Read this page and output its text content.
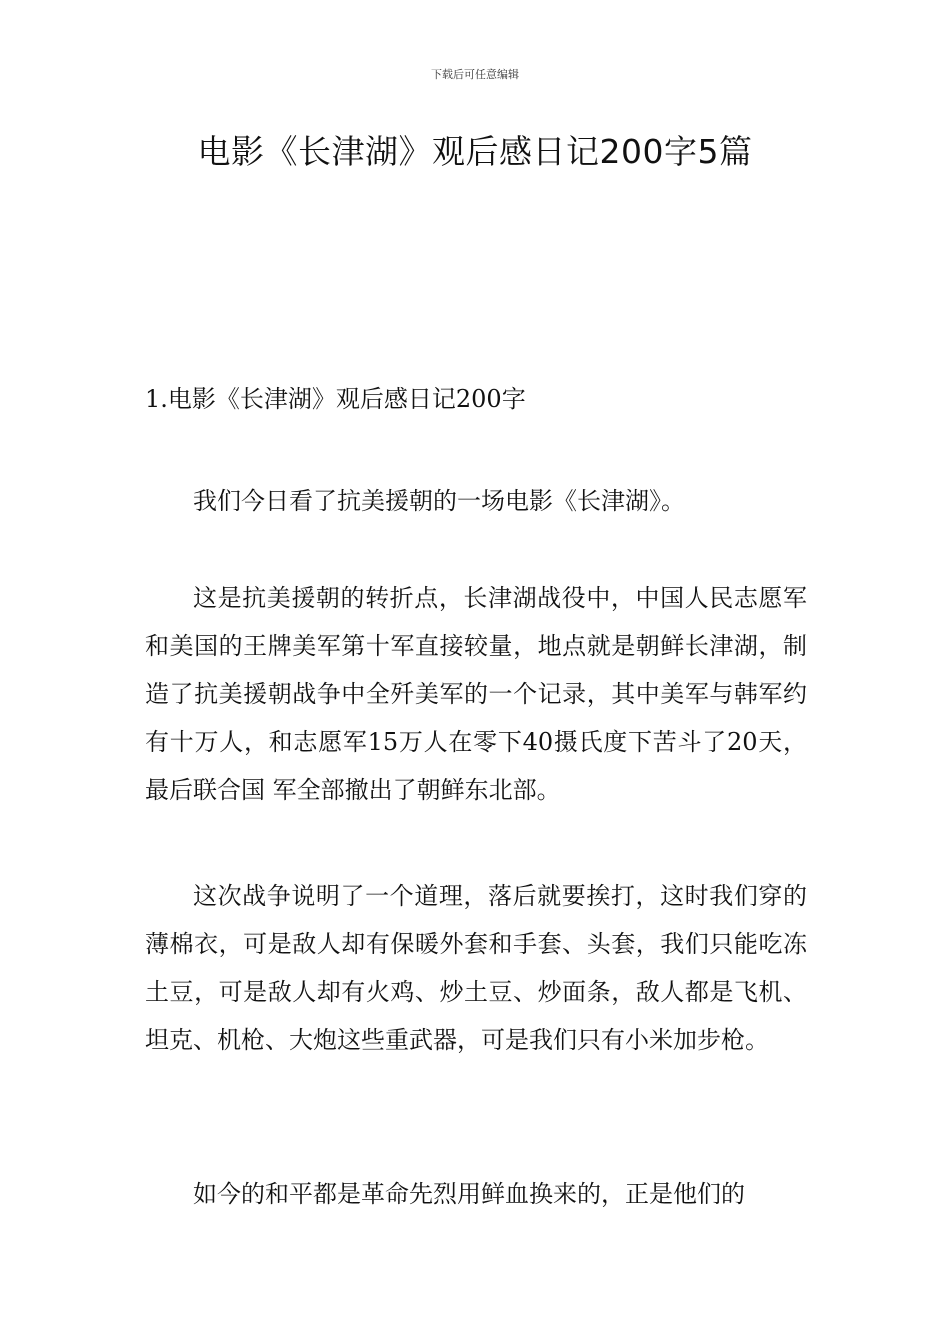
下载后可任意编辑
电影《长津湖》观后感日记200字5篇
1.电影《长津湖》观后感日记200字

我们今日看了抗美援朝的一场电影《长津湖》。

这是抗美援朝的转折点，长津湖战役中，中国人民志愿军和美国的王牌美军第十军直接较量，地点就是朝鲜长津湖，制造了抗美援朝战争中全歼美军的一个记录，其中美军与韩军约有十万人，和志愿军15万人在零下40摄氏度下苦斗了20天，最后联合国 军全部撤出了朝鲜东北部。

这次战争说明了一个道理，落后就要挨打，这时我们穿的薄棉衣，可是敌人却有保暖外套和手套、头套，我们只能吃冻土豆，可是敌人却有火鸡、炒土豆、炒面条，敌人都是飞机、坦克、机枪、大炮这些重武器，可是我们只有小米加步枪。

如今的和平都是革命先烈用鲜血换来的，正是他们的
